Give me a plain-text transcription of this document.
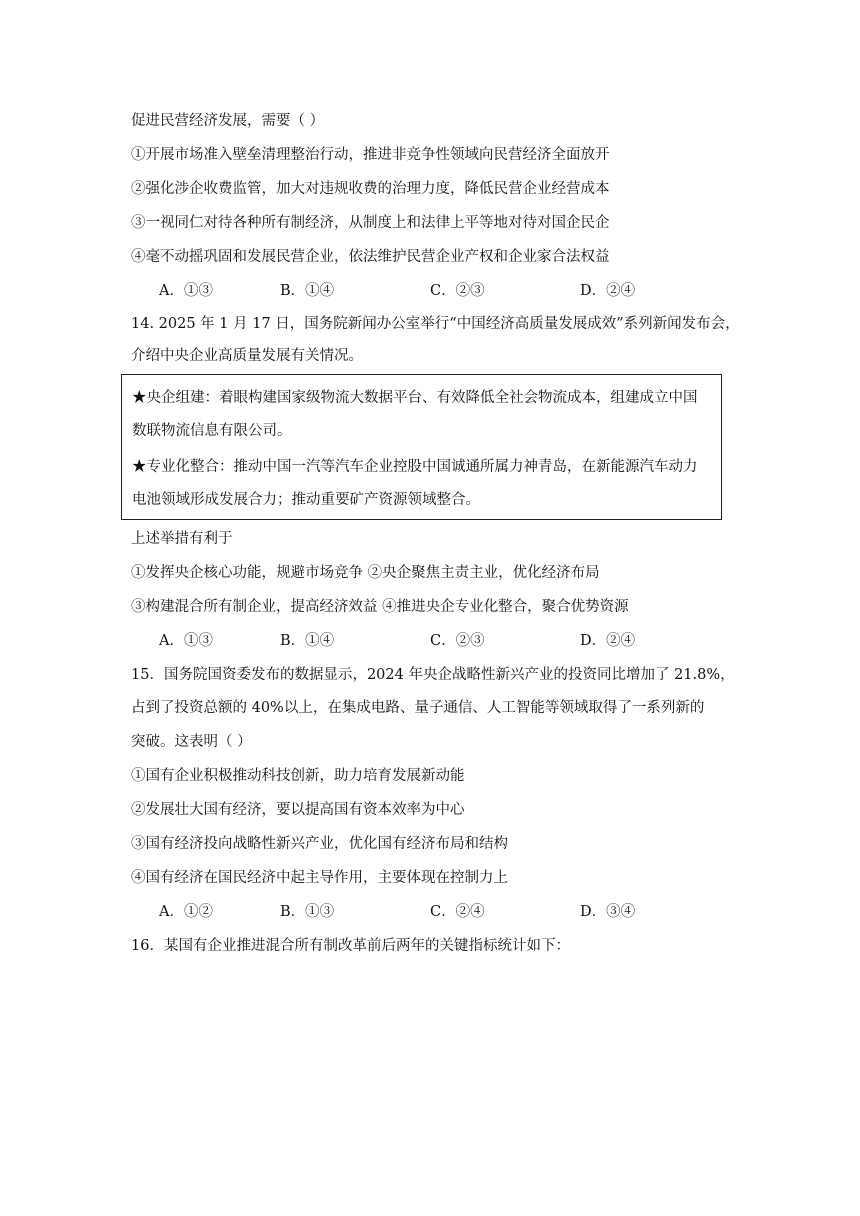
促进民营经济发展，需要（ ）
①开展市场准入壁垒清理整治行动，推进非竞争性领域向民营经济全面放开
②强化涉企收费监管，加大对违规收费的治理力度，降低民营企业经营成本
③一视同仁对待各种所有制经济，从制度上和法律上平等地对待对国企民企
④毫不动摇巩固和发展民营企业，依法维护民营企业产权和企业家合法权益
A．①③	B．①④	C．②③	D．②④
14. 2025 年 1 月 17 日，国务院新闻办公室举行“中国经济高质量发展成效”系列新闻发布会，
介绍中央企业高质量发展有关情况。
★央企组建：着眼构建国家级物流大数据平台、有效降低全社会物流成本，组建成立中国
数联物流信息有限公司。
★专业化整合：推动中国一汽等汽车企业控股中国诚通所属力神青岛，在新能源汽车动力
电池领域形成发展合力；推动重要矿产资源领域整合。
上述举措有利于
①发挥央企核心功能，规避市场竞争 ②央企聚焦主责主业，优化经济布局
③构建混合所有制企业，提高经济效益 ④推进央企专业化整合，聚合优势资源
A．①③	B．①④	C．②③	D．②④
15．国务院国资委发布的数据显示，2024 年央企战略性新兴产业的投资同比增加了 21.8%，
占到了投资总额的 40%以上，在集成电路、量子通信、人工智能等领域取得了一系列新的
突破。这表明（ ）
①国有企业积极推动科技创新，助力培育发展新动能
②发展壮大国有经济，要以提高国有资本效率为中心
③国有经济投向战略性新兴产业，优化国有经济布局和结构
④国有经济在国民经济中起主导作用，主要体现在控制力上
A．①②	B．①③	C．②④	D．③④
16．某国有企业推进混合所有制改革前后两年的关键指标统计如下：
